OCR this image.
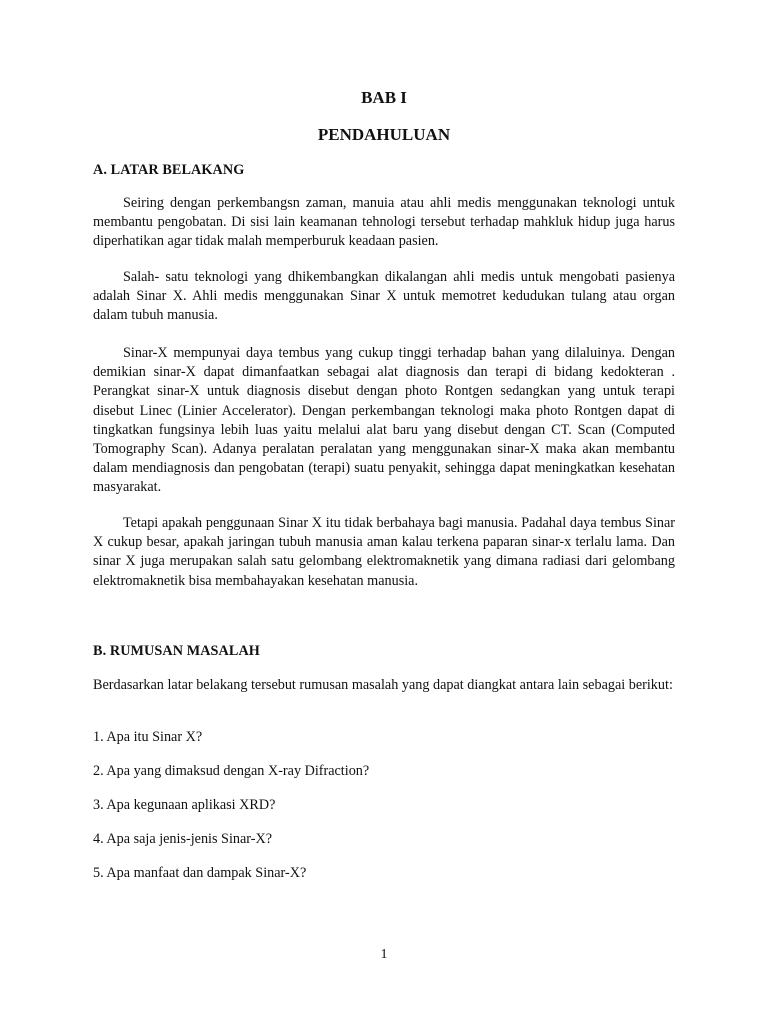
BAB I
PENDAHULUAN
A. LATAR BELAKANG

Seiring dengan perkembangsn zaman, manuia atau ahli medis menggunakan teknologi untuk membantu pengobatan. Di sisi lain keamanan tehnologi tersebut terhadap mahkluk hidup juga harus diperhatikan agar tidak malah memperburuk keadaan pasien.

Salah- satu teknologi yang dhikembangkan dikalangan ahli medis untuk mengobati pasienya adalah Sinar X. Ahli medis menggunakan Sinar X untuk memotret kedudukan tulang atau organ dalam tubuh manusia.

Sinar-X mempunyai daya tembus yang cukup tinggi terhadap bahan yang dilaluinya. Dengan demikian sinar-X dapat dimanfaatkan sebagai alat diagnosis dan terapi di bidang kedokteran . Perangkat sinar-X untuk diagnosis disebut dengan photo Rontgen sedangkan yang untuk terapi disebut Linec (Linier Accelerator). Dengan perkembangan teknologi maka photo Rontgen dapat di tingkatkan fungsinya lebih luas yaitu melalui alat baru yang disebut dengan CT. Scan (Computed Tomography Scan). Adanya peralatan peralatan yang menggunakan sinar-X maka akan membantu dalam mendiagnosis dan pengobatan (terapi) suatu penyakit, sehingga dapat meningkatkan kesehatan masyarakat.

Tetapi apakah penggunaan Sinar X itu tidak berbahaya bagi manusia. Padahal daya tembus Sinar X cukup besar, apakah jaringan tubuh manusia aman kalau terkena paparan sinar-x terlalu lama. Dan sinar X juga merupakan salah satu gelombang elektromaknetik yang dimana radiasi dari gelombang elektromaknetik bisa membahayakan kesehatan manusia.

B. RUMUSAN MASALAH

Berdasarkan latar belakang tersebut rumusan masalah yang dapat diangkat antara lain sebagai berikut:

1. Apa itu Sinar X?
2. Apa yang dimaksud dengan X-ray Difraction?
3. Apa kegunaan aplikasi XRD?
4. Apa saja jenis-jenis Sinar-X?
5. Apa manfaat dan dampak Sinar-X?

1
